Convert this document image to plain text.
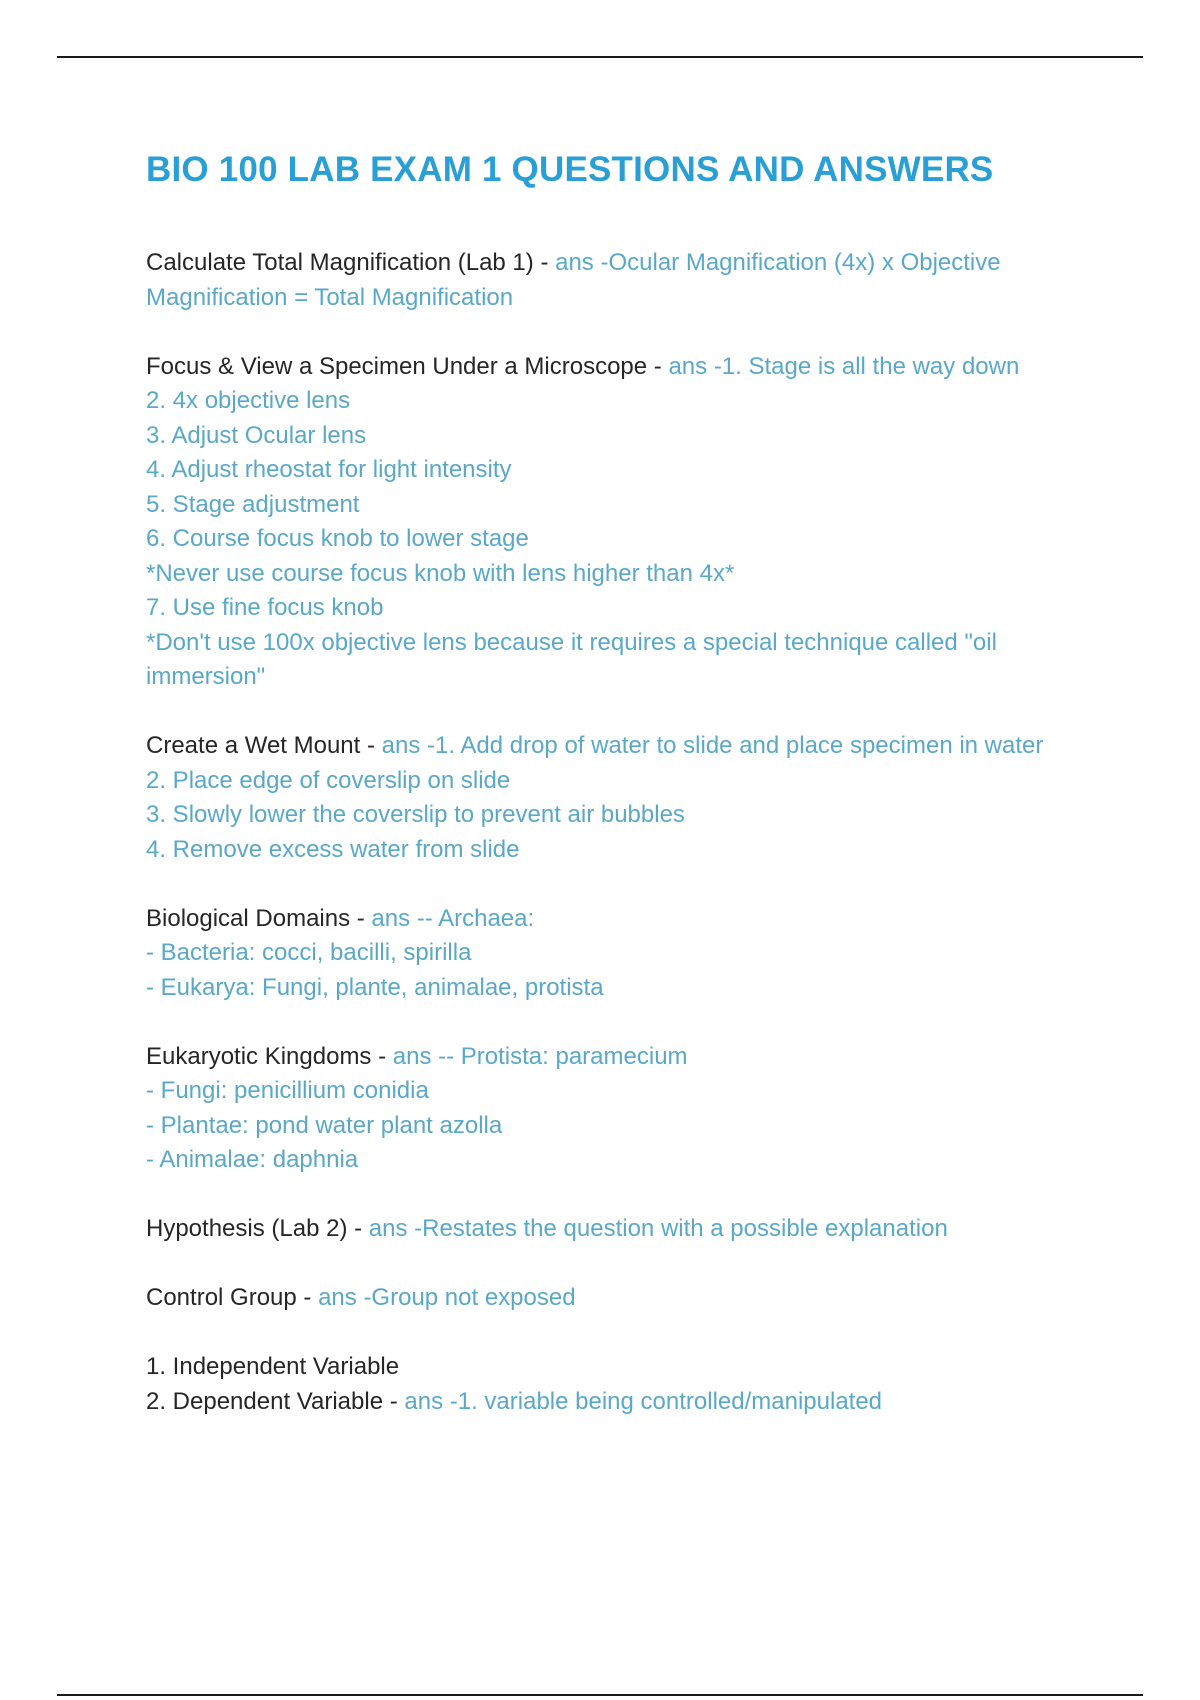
BIO 100 LAB EXAM 1 QUESTIONS AND ANSWERS
Calculate Total Magnification (Lab 1) - ans -Ocular Magnification (4x) x Objective Magnification = Total Magnification
Focus & View a Specimen Under a Microscope - ans -1. Stage is all the way down
2. 4x objective lens
3. Adjust Ocular lens
4. Adjust rheostat for light intensity
5. Stage adjustment
6. Course focus knob to lower stage
*Never use course focus knob with lens higher than 4x*
7. Use fine focus knob
*Don't use 100x objective lens because it requires a special technique called "oil immersion"
Create a Wet Mount - ans -1. Add drop of water to slide and place specimen in water
2. Place edge of coverslip on slide
3. Slowly lower the coverslip to prevent air bubbles
4. Remove excess water from slide
Biological Domains - ans -- Archaea:
- Bacteria: cocci, bacilli, spirilla
- Eukarya: Fungi, plante, animalae, protista
Eukaryotic Kingdoms - ans -- Protista: paramecium
- Fungi: penicillium conidia
- Plantae: pond water plant azolla
- Animalae: daphnia
Hypothesis (Lab 2) - ans -Restates the question with a possible explanation
Control Group - ans -Group not exposed
1. Independent Variable
2. Dependent Variable - ans -1. variable being controlled/manipulated
